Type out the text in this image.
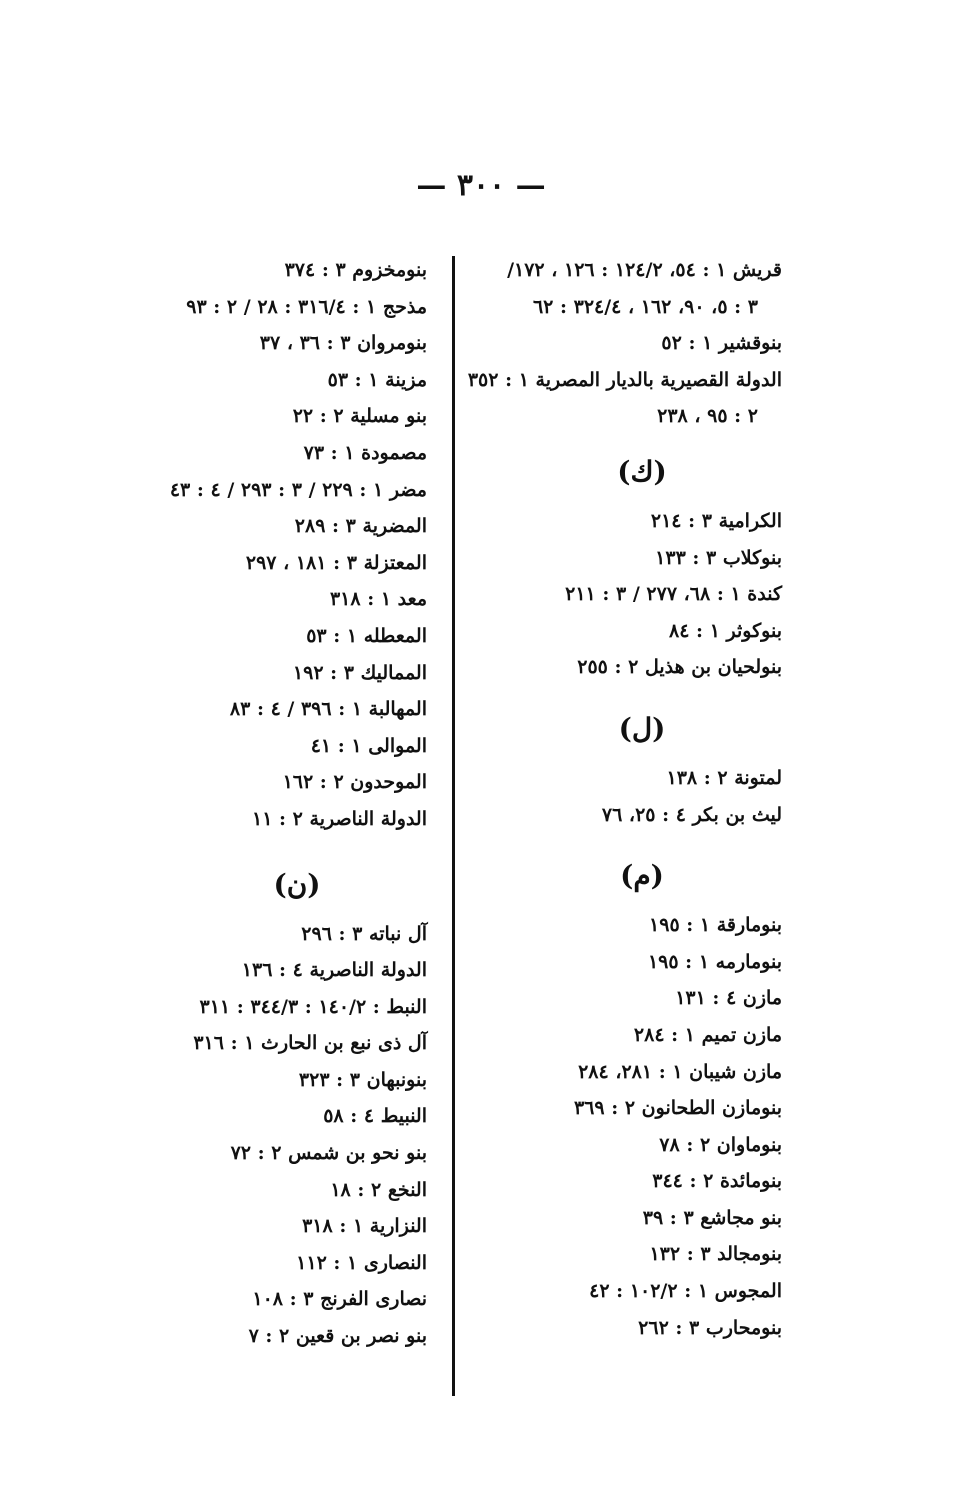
— ٣٠٠ —
قريش ١ : ٥٤، ١٢٤/٢ : ١٢٦ ، ١٧٢/
٣ : ٥، ٩٠، ١٦٢ ، ٣٢٤/٤ : ٦٢
بنوقشير ١ : ٥٢
الدولة القصيرية بالديار المصرية ١ : ٣٥٢
٢ : ٩٥ ، ٢٣٨
(ك)
الكرامية ٣ : ٢١٤
بنوكلاب ٣ : ١٣٣
كندة ١ : ٦٨، ٢٧٧ / ٣ : ٢١١
بنوكوثر ١ : ٨٤
بنولحيان بن هذيل ٢ : ٢٥٥
(ل)
لمتونة ٢ : ١٣٨
ليث بن بكر ٤ : ٢٥، ٧٦
(م)
بنومارقة ١ : ١٩٥
بنومارمه ١ : ١٩٥
مازن ٤ : ١٣١
مازن تميم ١ : ٢٨٤
مازن شيبان ١ : ٢٨١، ٢٨٤
بنومازن الطحانون ٢ : ٣٦٩
بنوماوان ٢ : ٧٨
بنومائدة ٢ : ٣٤٤
بنو مجاشع ٣ : ٣٩
بنومجالد ٣ : ١٣٢
المجوس ١ : ١٠٢/٢ : ٤٢
بنومحارب ٣ : ٢٦٢
بنومخزوم ٣ : ٣٧٤
مذحج ١ : ٣١٦/٤ : ٢٨ / ٢ : ٩٣
بنومروان ٣ : ٣٦ ، ٣٧
مزينة ١ : ٥٣
بنو مسلية ٢ : ٢٢
مصمودة ١ : ٧٣
مضر ١ : ٢٢٩ / ٣ : ٢٩٣ / ٤ : ٤٣
المضرية ٣ : ٢٨٩
المعتزلة ٣ : ١٨١ ، ٢٩٧
معد ١ : ٣١٨
المعطله ١ : ٥٣
المماليك ٣ : ١٩٢
المهالبة ١ : ٣٩٦ / ٤ : ٨٣
الموالى ١ : ٤١
الموحدون ٢ : ١٦٢
الدولة الناصرية ٢ : ١١
(ن)
آل نباته ٣ : ٢٩٦
الدولة الناصرية ٤ : ١٣٦
النبط : ١٤٠/٢ : ٣٤٤/٣ : ٣١١
آل ذى نبع بن الحارث ١ : ٣١٦
بنونبهان ٣ : ٣٢٣
النبيط ٤ : ٥٨
بنو نحو بن شمس ٢ : ٧٢
النخع ٢ : ١٨
النزارية ١ : ٣١٨
النصارى ١ : ١١٢
نصارى الفرنج ٣ : ١٠٨
بنو نصر بن قعين ٢ : ٧
